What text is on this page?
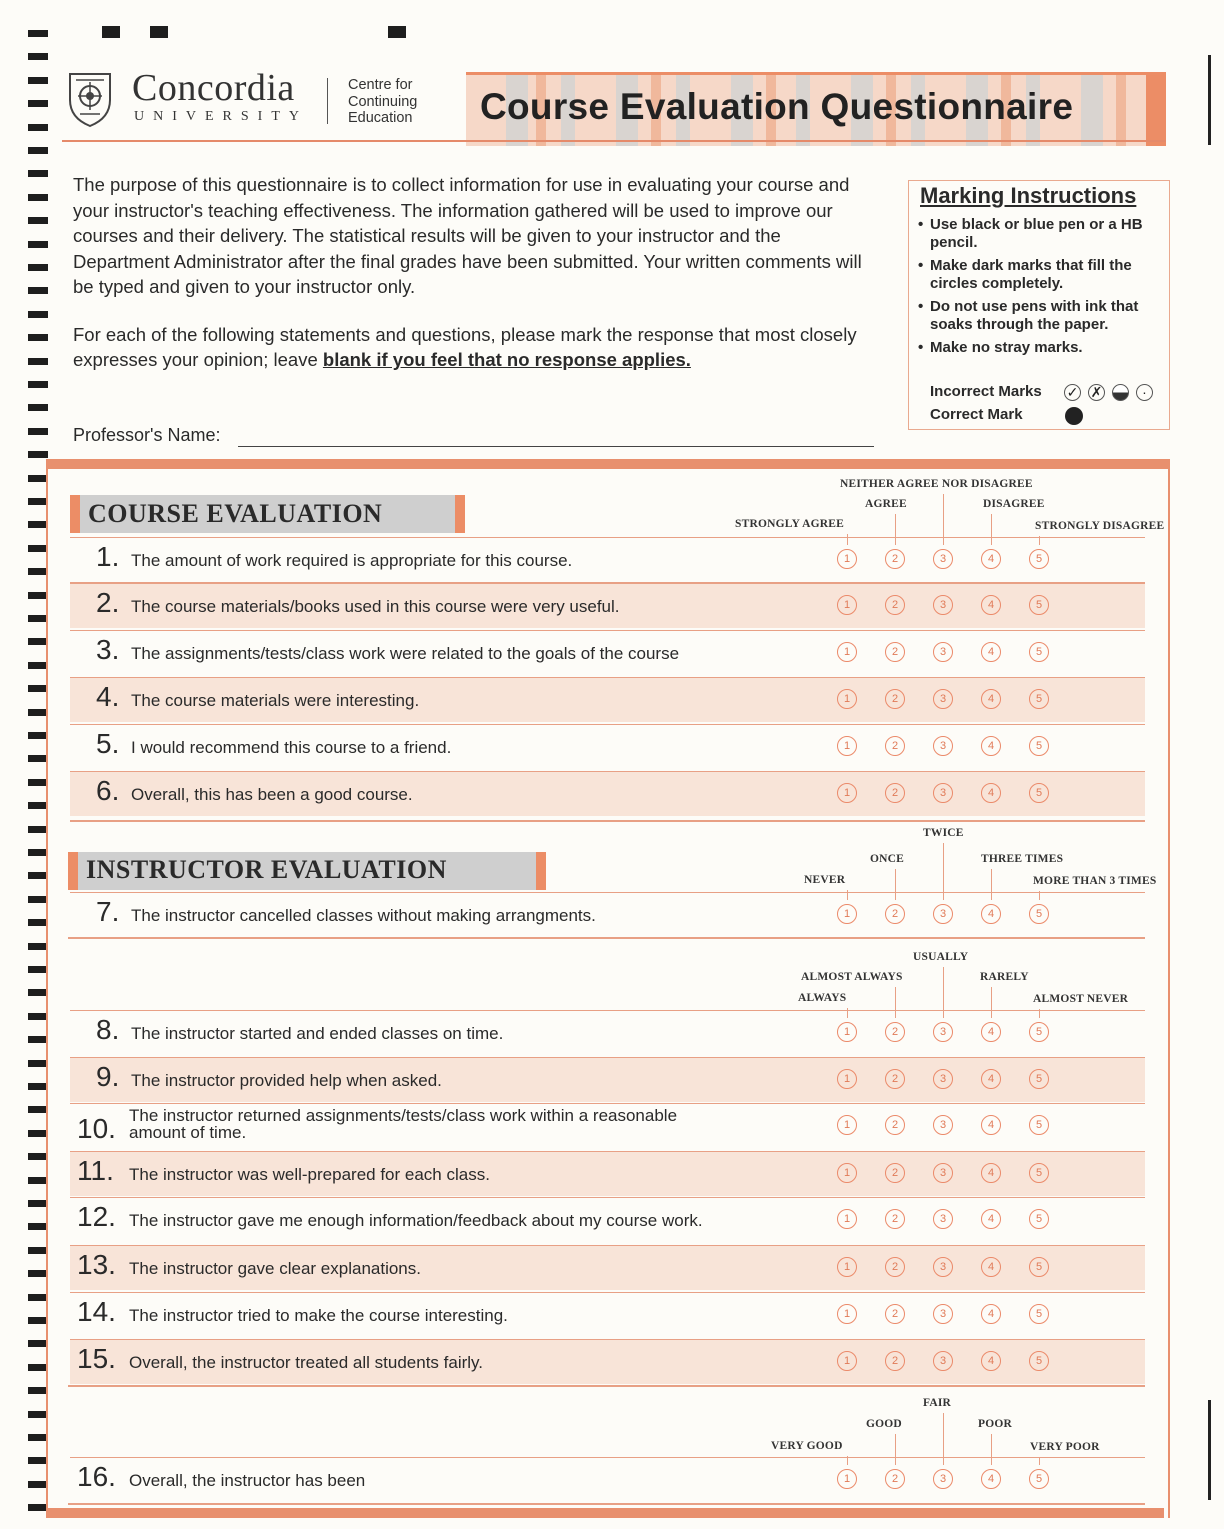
Concordia
UNIVERSITY
Centre for Continuing Education	Course Evaluation Questionnaire

The purpose of this questionnaire is to collect information for use in evaluating your course and your instructor's teaching effectiveness. The information gathered will be used to improve our courses and their delivery. The statistical results will be given to your instructor and the Department Administrator after the final grades have been submitted. Your written comments will be typed and given to your instructor only.

For each of the following statements and questions, please mark the response that most closely expresses your opinion; leave blank if you feel that no response applies.

Professor's Name:
Marking Instructions
• Use black or blue pen or a HB pencil.
• Make dark marks that fill the circles completely.
• Do not use pens with ink that soaks through the paper.
• Make no stray marks.
Incorrect Marks ✓ ✗	·
Correct Mark
COURSE EVALUATION
INSTRUCTOR EVALUATION
STRONGLY AGREE
AGREE
NEITHER AGREE NOR DISAGREE
DISAGREE
STRONGLY DISAGREE
NEVER
ONCE
TWICE
THREE TIMES
MORE THAN 3 TIMES
ALWAYS
ALMOST ALWAYS
USUALLY
RARELY
ALMOST NEVER
VERY GOOD
GOOD
FAIR
POOR
VERY POOR
1. The amount of work required is appropriate for this course.	1	2	3	4	5
2. The course materials/books used in this course were very useful.	1	2	3	4	5
3. The assignments/tests/class work were related to the goals of the course	1	2	3	4	5
4. The course materials were interesting.	1	2	3	4	5
5. I would recommend this course to a friend.	1	2	3	4	5
6. Overall, this has been a good course.	1	2	3	4	5
7. The instructor cancelled classes without making arrangments.	1	2	3	4	5
8. The instructor started and ended classes on time.	1	2	3	4	5
9. The instructor provided help when asked.	1	2	3	4	5
10. The instructor returned assignments/tests/class work within a reasonable
amount of time.	1	2	3	4	5
11. The instructor was well-prepared for each class.	1	2	3	4	5
12. The instructor gave me enough information/feedback about my course work.	1	2	3	4	5
13. The instructor gave clear explanations.	1	2	3	4	5
14. The instructor tried to make the course interesting.	1	2	3	4	5
15. Overall, the instructor treated all students fairly.	1	2	3	4	5
16. Overall, the instructor has been	1	2	3	4	5
